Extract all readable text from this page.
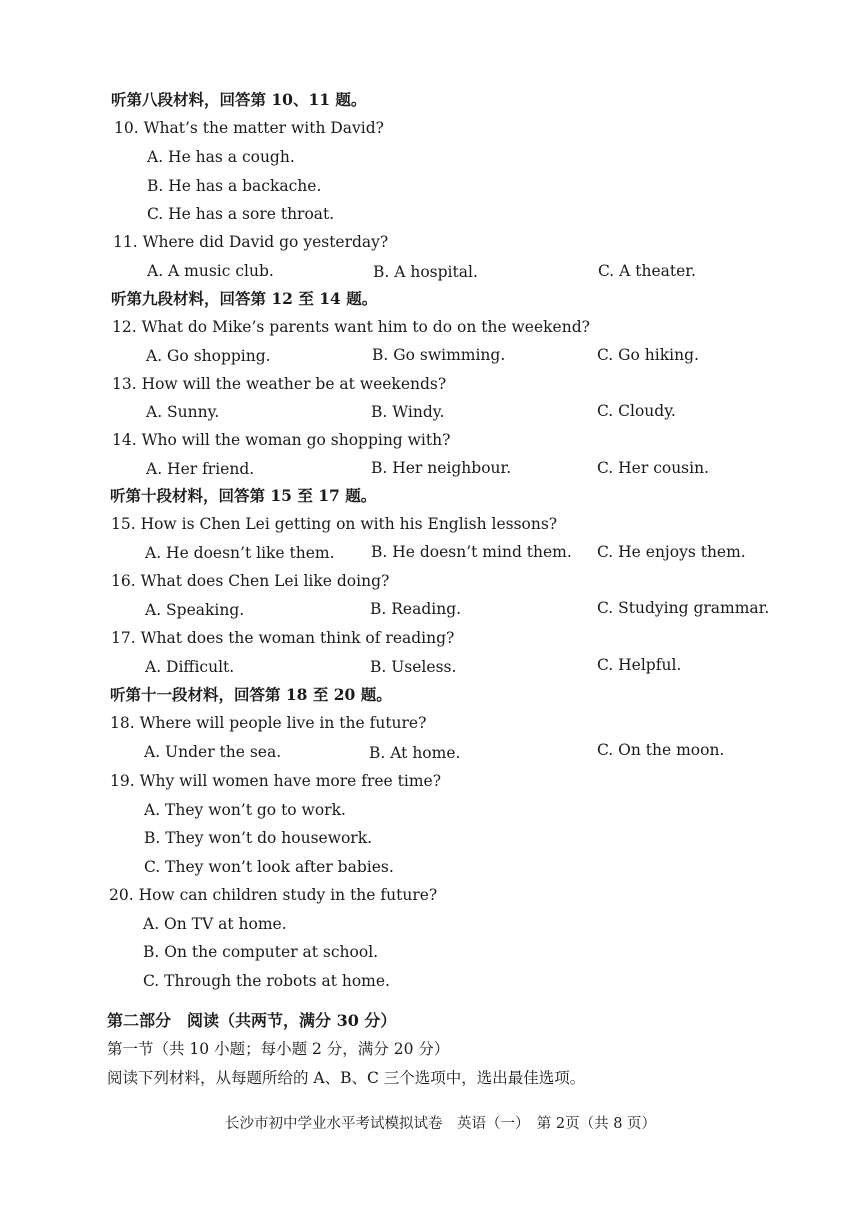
听第八段材料，回答第 10、11 题。
10. What’s the matter with David?
A. He has a cough.
B. He has a backache.
C. He has a sore throat.
11. Where did David go yesterday?
A. A music club.	B. A hospital.	C. A theater.
听第九段材料，回答第 12 至 14 题。
12. What do Mike’s parents want him to do on the weekend?
A. Go shopping.	B. Go swimming.	C. Go hiking.
13. How will the weather be at weekends?
A. Sunny.	B. Windy.	C. Cloudy.
14. Who will the woman go shopping with?
A. Her friend.	B. Her neighbour.	C. Her cousin.
听第十段材料，回答第 15 至 17 题。
15. How is Chen Lei getting on with his English lessons?
A. He doesn’t like them. B. He doesn’t mind them. C. He enjoys them.
16. What does Chen Lei like doing?
A. Speaking.	B. Reading.	C. Studying grammar.
17. What does the woman think of reading?
A. Difficult.	B. Useless.	C. Helpful.
听第十一段材料，回答第 18 至 20 题。
18. Where will people live in the future?
A. Under the sea.	B. At home.	C. On the moon.
19. Why will women have more free time?
A. They won’t go to work.
B. They won’t do housework.
C. They won’t look after babies.
20. How can children study in the future?
A. On TV at home.
B. On the computer at school.
C. Through the robots at home.
第二部分　阅读（共两节，满分 30 分）
第一节（共 10 小题；每小题 2 分，满分 20 分）
阅读下列材料，从每题所给的 A、B、C 三个选项中，选出最佳选项。
长沙市初中学业水平考试模拟试卷　英语（一）　第 2页（共 8 页）
